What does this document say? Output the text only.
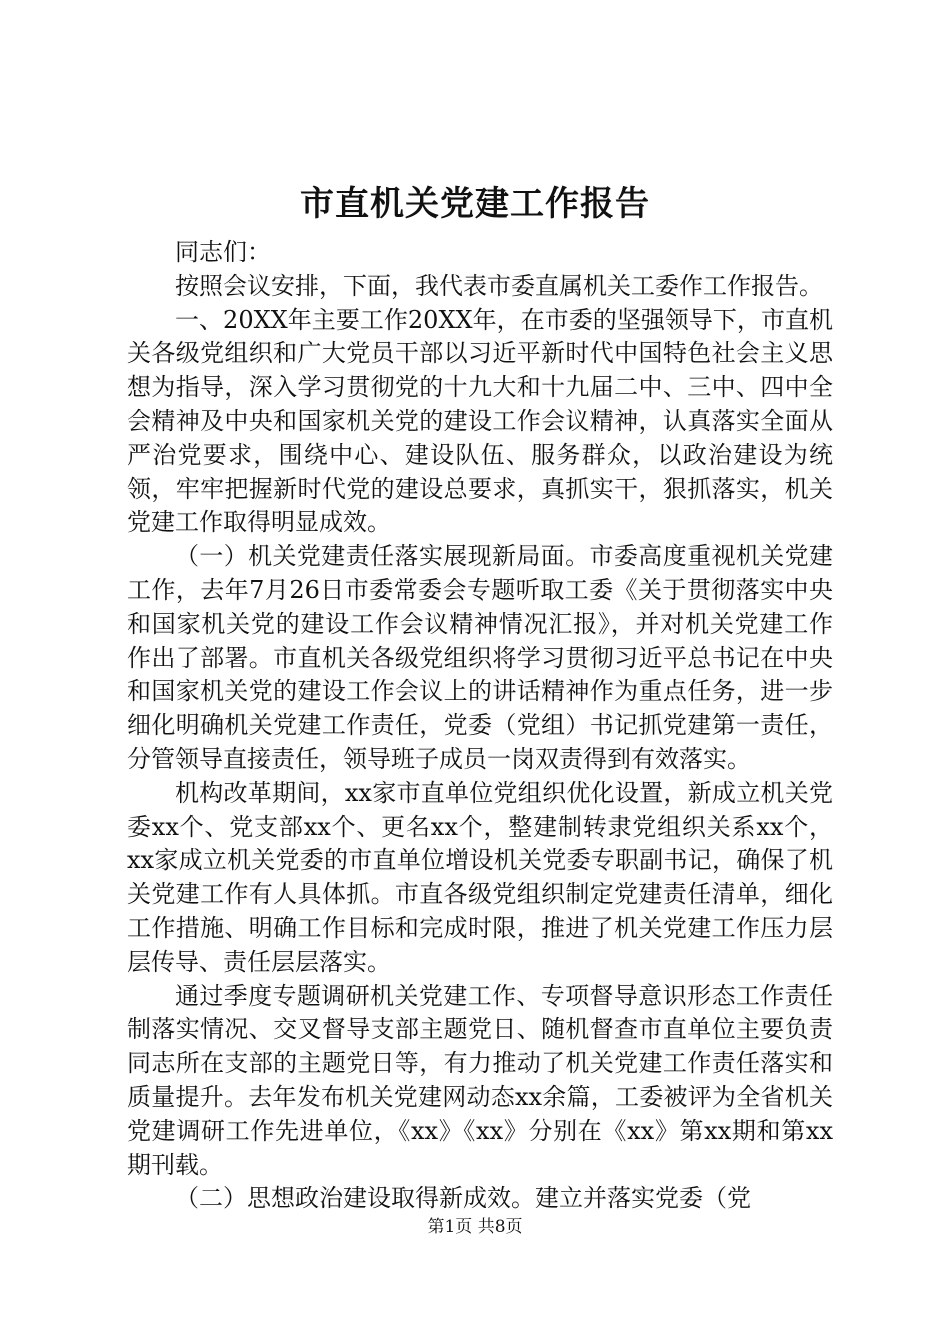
市直机关党建工作报告

同志们：

按照会议安排，下面，我代表市委直属机关工委作工作报告。

一、20XX年主要工作20XX年，在市委的坚强领导下，市直机关各级党组织和广大党员干部以习近平新时代中国特色社会主义思想为指导，深入学习贯彻党的十九大和十九届二中、三中、四中全会精神及中央和国家机关党的建设工作会议精神，认真落实全面从严治党要求，围绕中心、建设队伍、服务群众，以政治建设为统领，牢牢把握新时代党的建设总要求，真抓实干，狠抓落实，机关党建工作取得明显成效。

（一）机关党建责任落实展现新局面。市委高度重视机关党建工作，去年7月26日市委常委会专题听取工委《关于贯彻落实中央和国家机关党的建设工作会议精神情况汇报》，并对机关党建工作作出了部署。市直机关各级党组织将学习贯彻习近平总书记在中央和国家机关党的建设工作会议上的讲话精神作为重点任务，进一步细化明确机关党建工作责任，党委（党组）书记抓党建第一责任，分管领导直接责任，领导班子成员一岗双责得到有效落实。

机构改革期间，xx家市直单位党组织优化设置，新成立机关党委xx个、党支部xx个、更名xx个，整建制转隶党组织关系xx个，xx家成立机关党委的市直单位增设机关党委专职副书记，确保了机关党建工作有人具体抓。市直各级党组织制定党建责任清单，细化工作措施、明确工作目标和完成时限，推进了机关党建工作压力层层传导、责任层层落实。

通过季度专题调研机关党建工作、专项督导意识形态工作责任制落实情况、交叉督导支部主题党日、随机督查市直单位主要负责同志所在支部的主题党日等，有力推动了机关党建工作责任落实和质量提升。去年发布机关党建网动态xx余篇，工委被评为全省机关党建调研工作先进单位，《xx》《xx》分别在《xx》第xx期和第xx期刊载。

（二）思想政治建设取得新成效。建立并落实党委（党

第1页 共8页
